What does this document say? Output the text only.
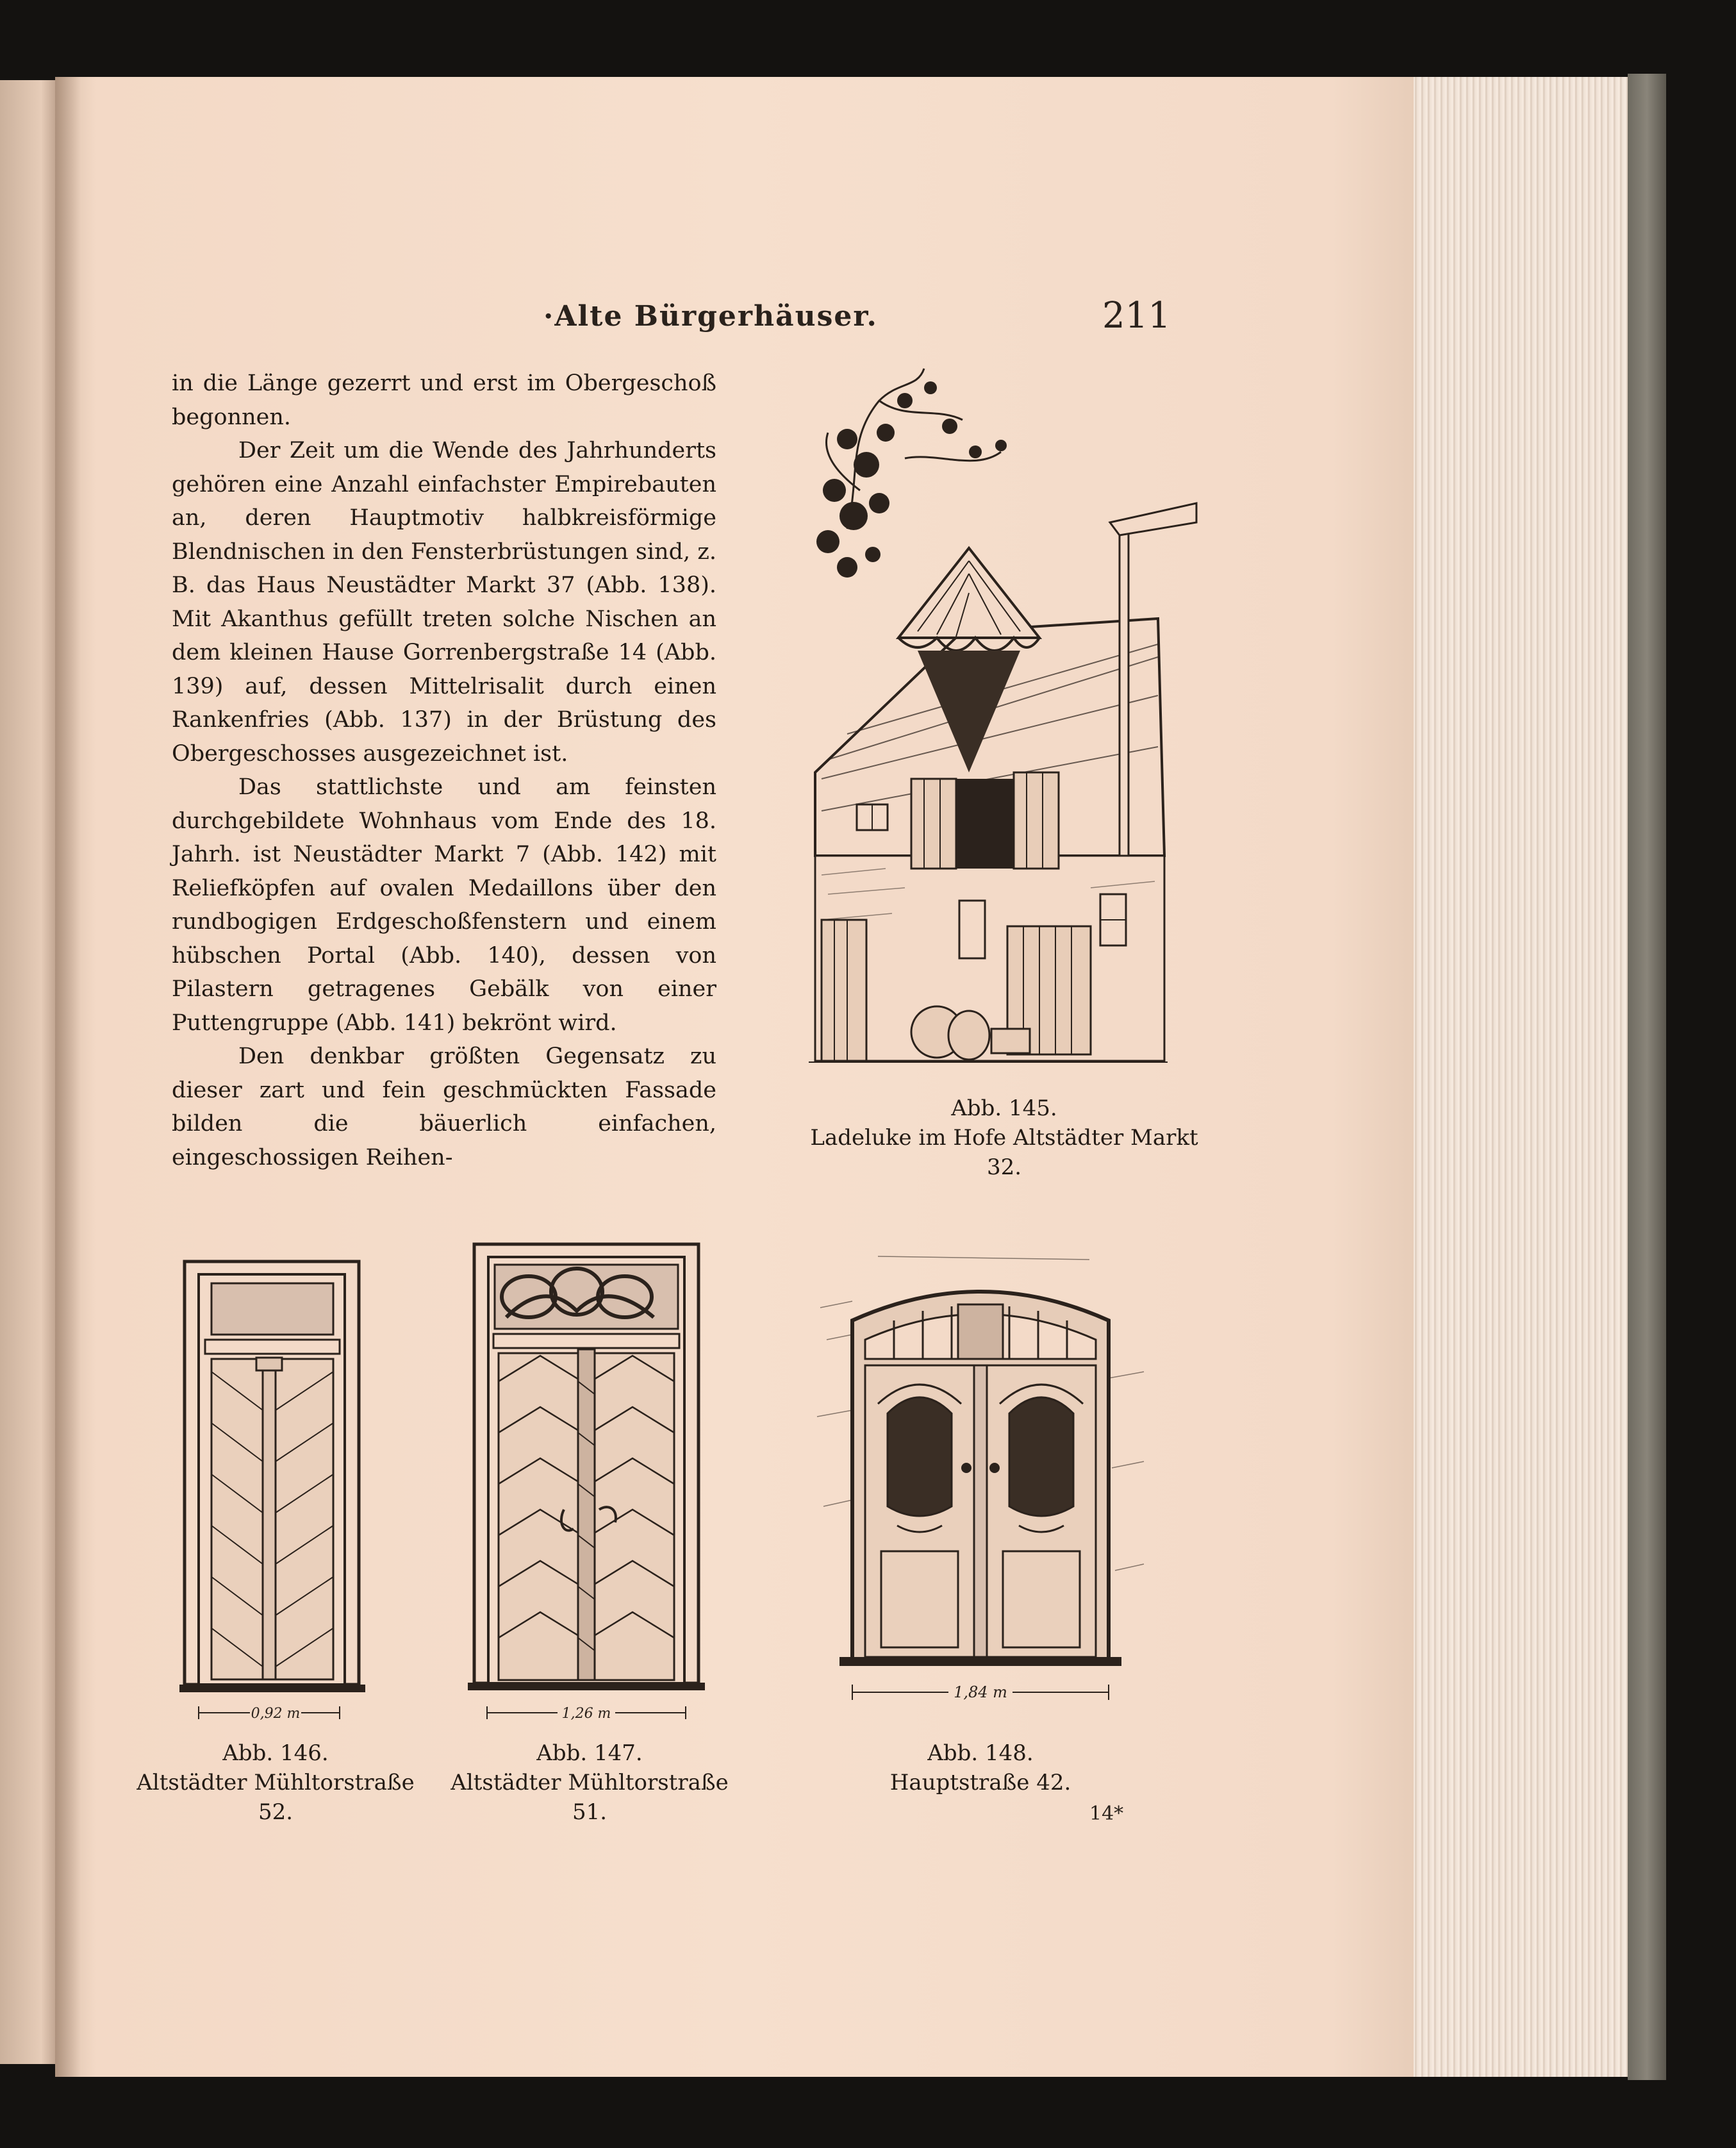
·Alte Bürgerhäuser.	211

in die Länge gezerrt und erst im Obergeschoß begonnen.

Der Zeit um die Wende des Jahrhunderts gehören eine Anzahl einfachster Empirebauten an, deren Hauptmotiv halbkreisförmige Blendnischen in den Fensterbrüstungen sind, z. B. das Haus Neustädter Markt 37 (Abb. 138). Mit Akanthus gefüllt treten solche Nischen an dem kleinen Hause Gorrenbergstraße 14 (Abb. 139) auf, dessen Mittelrisalit durch einen Rankenfries (Abb. 137) in der Brüstung des Obergeschosses ausgezeichnet ist.

Das stattlichste und am feinsten durchgebildete Wohnhaus vom Ende des 18. Jahrh. ist Neustädter Markt 7 (Abb. 142) mit Reliefköpfen auf ovalen Medaillons über den rundbogigen Erdgeschoßfenstern und einem hübschen Portal (Abb. 140), dessen von Pilastern getragenes Gebälk von einer Puttengruppe (Abb. 141) bekrönt wird.

Den denkbar größten Gegensatz zu dieser zart und fein geschmückten Fassade bilden die bäuerlich einfachen, eingeschossigen Reihen-

Abb. 145.
Ladeluke im Hofe Altstädter Markt 32.
0,92 m
Abb. 146.
Altstädter Mühltorstraße 52.
1,26 m
Abb. 147.
Altstädter Mühltorstraße 51.
1,84 m
Abb. 148.
Hauptstraße 42.
14*
